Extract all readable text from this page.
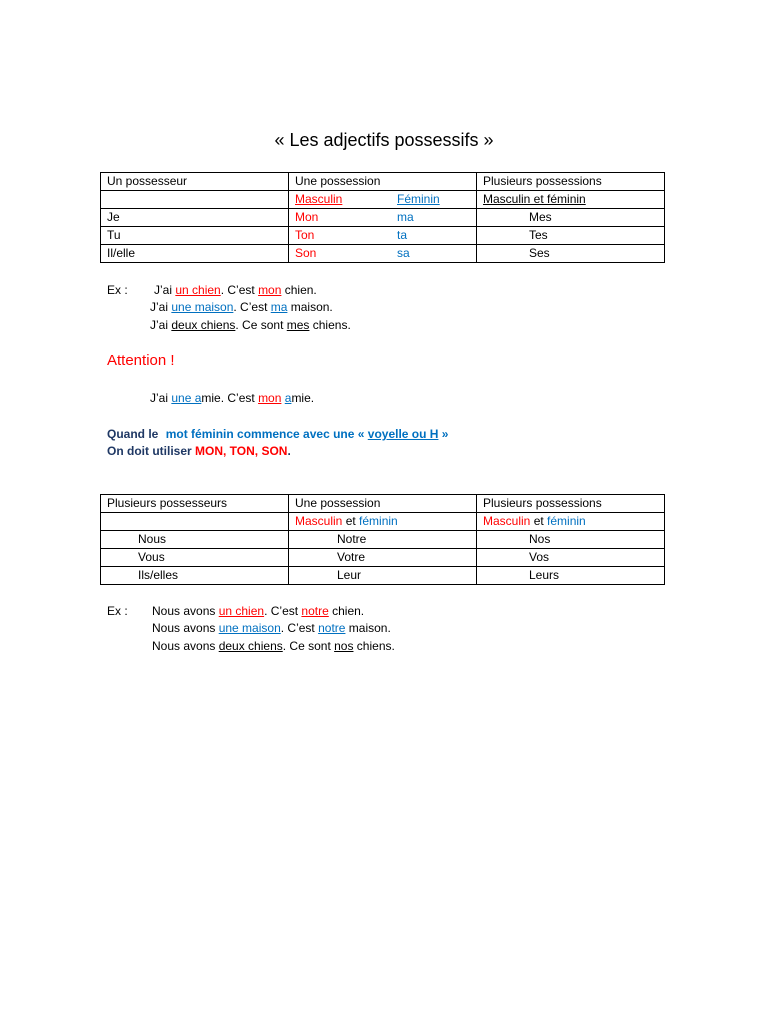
« Les adjectifs possessifs »
Un possesseur	Une possession	Plusieurs possessions
	Masculin Féminin	Masculin et féminin
Je	Mon ma	Mes
Tu	Ton ta	Tes
Il/elle	Son sa	Ses
Ex : J’ai un chien. C’est mon chien.
J’ai une maison. C’est ma maison.
J’ai deux chiens. Ce sont mes chiens.
Attention !
J’ai une amie. C’est mon amie.
Quand le mot féminin commence avec une « voyelle ou H »
On doit utiliser MON, TON, SON.
Plusieurs possesseurs	Une possession	Plusieurs possessions
	Masculin et féminin	Masculin et féminin
Nous	Notre	Nos
Vous	Votre	Vos
Ils/elles	Leur	Leurs
Ex : Nous avons un chien. C’est notre chien.
Nous avons une maison. C’est notre maison.
Nous avons deux chiens. Ce sont nos chiens.
